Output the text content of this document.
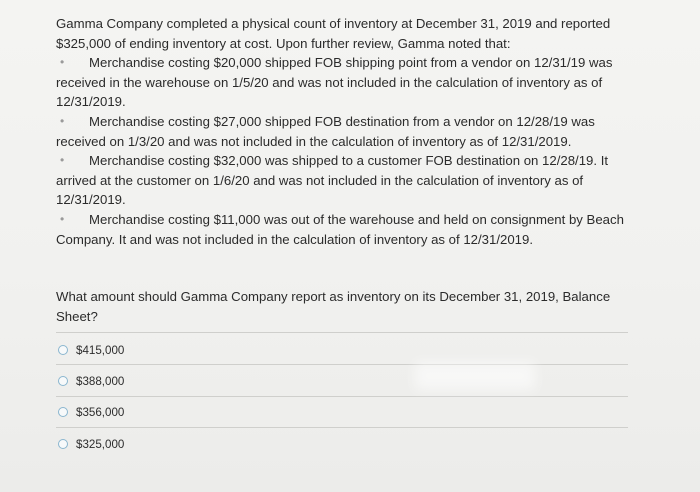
Gamma Company completed a physical count of inventory at December 31, 2019 and reported $325,000 of ending inventory at cost. Upon further review, Gamma noted that:

•	Merchandise costing $20,000 shipped FOB shipping point from a vendor on 12/31/19 was received in the warehouse on 1/5/20 and was not included in the calculation of inventory as of 12/31/2019.
•	Merchandise costing $27,000 shipped FOB destination from a vendor on 12/28/19 was received on 1/3/20 and was not included in the calculation of inventory as of 12/31/2019.
•	Merchandise costing $32,000 was shipped to a customer FOB destination on 12/28/19. It arrived at the customer on 1/6/20 and was not included in the calculation of inventory as of 12/31/2019.
•	Merchandise costing $11,000 was out of the warehouse and held on consignment by Beach Company. It and was not included in the calculation of inventory as of 12/31/2019.

What amount should Gamma Company report as inventory on its December 31, 2019, Balance Sheet?

$415,000
$388,000
$356,000
$325,000
